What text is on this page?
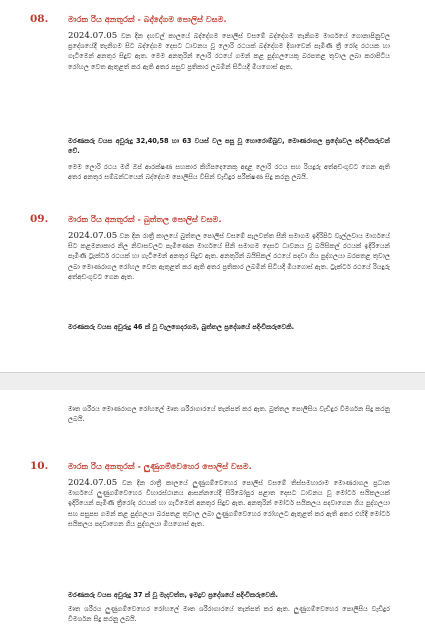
08. මාරක රිය අනතුරක් - බද්දේගම පොලිස් වසම.

2024.07.05 වන දින දහවල් කාලයේ බද්දේගම පොලිස් වසමේ බද්දේගම තැනිගම මාර්ගයේ ගොනාපිනුවල ප්‍රදේශයේදී තැනිගම සිට බද්දේගම දෙසට ධාවනය වූ ලොරි රථයක් බද්දේගම දිශාවෙන් පැමිණි ත්‍රී රෝද රථයක හා ගැටීමෙන් අනතුර සිදුව ඇත. මෙම අනතුරින් ලොරි රථයේ ගමන් කළ පුද්ගලයෙකු බරපතළ තුවාල ලබා කරාපිටිය රෝහල වෙත ඇතුළත් කර ඇති අතර පසුව ප්‍රතිකාර ලබමින් සිටියදී මියගොස් ඇත.

මරණකරු වයස අවුරුදු 32,40,58 හා 63 වයස් වල පසු වූ හොරොම්බුව, මොණරාගල ප්‍රදේශවල පදිංචිකරුවන් වේ.

මෙම ලොරි රථය මගී ඔප් ආරක්ෂණ සහකාර කිහිපදෙනෙකු අදාළ ලොරි රථය සහ රියදුරු අත්අඩංගුවට ගෙන ඇති අතර අනතුර සම්බන්ධයෙන් බද්දේගම පොලිසිය විසින් වැඩිදුර පරීක්ෂණ සිදු කරනු ලබයි.

09. මාරක රිය අනතුරක් - බුත්තල පොලිස් වසම.

2024.07.05 වන දින රාත්‍රී කාලයේ බුත්තල පොලිස් වසමේ පැලවත්ත සීනි සමාගම ඉදිරිපිට වැල්ලවාය මාර්ගයේ සිට කළමනාකාර නිල නිවාසවලට පැමිණෙන මාර්ගයේ සීනි සමාගම දෙසට ධාවනය වූ බයිසිකල් රථයක් ඉදිරියෙන් පැමිණි ට්‍රැක්ටර් රථයක් හා ගැටීමෙන් අනතුර සිදුව ඇත. අනතුරින් බයිසිකල් රථයේ පදවා ගිය පුද්ගලයා බරපතළ තුවාල ලබා මොණරාගල රෝහල වෙත ඇතුළත් කර ඇති අතර ප්‍රතිකාර ලබමින් සිටියදී මියගොස් ඇත. ට්‍රැක්ටර් රථයේ රියදුරු අත්අඩංගුවට ගෙන ඇත.

මරණකරු වයස අවුරුදු 46 ක් වූ වැලගෙදරගම, බුත්තල ප්‍රදේශයේ පදිංචිකරුවෙකි.

මෘත ශරීරය මොණරාගල රෝහලේ මෘත ශරීරාගාරයේ තැන්පත් කර ඇත. බුත්තල පොලිසිය වැඩිදුර විමර්ශන සිදු කරනු ලබයි.

10. මාරක රිය අනතුරක් - ලුණුගම්වෙහෙර පොලිස් වසම.

2024.07.05 වන දින රාත්‍රී කාලයේ ලුණුගම්වෙහෙර පොලිස් වසමේ තිස්සමහාරාම මොණරාගල ප්‍රධාන මාර්ගයේ ලුණුගම්වෙහෙර විහාරස්ථානය ආසන්නයේදී සිරිබෝපුර පළාත දෙසට ධාවනය වූ මෝටර් සයිකලයක් ඉදිරියෙන් පැමිණි ත්‍රීරෝද රථයක් හා ගැටීමෙන් අනතුර සිදුව ඇත. අනතුරින් මෝටර් සයිකලය පදවාගෙන ගිය පුද්ගලයා සහ පසුපස ගමන් කළ පුද්ගලයා බරපතළ තුවාල ලබා ලුණුගම්වෙහෙර රෝහලට ඇතුළත් කර ඇති අතර එහිදී මෝටර් සයිකලය පදවාගෙන ගිය පුද්ගලයා මියගොස් ඇත.

මරණකරු වයස අවුරුදු 37 ක් වූ මැදවත්ත, ඉමදුව ප්‍රදේශයේ පදිංචිකරුවෙකි.

මෘත ශරීරය ලුණුගම්වෙහෙර රෝහලේ මෘත ශරීරාගාරයේ තැන්පත් කර ඇත. ලුණුගම්වෙහෙර පොලිසිය වැඩිදුර විමර්ශන සිදු කරනු ලබයි.
